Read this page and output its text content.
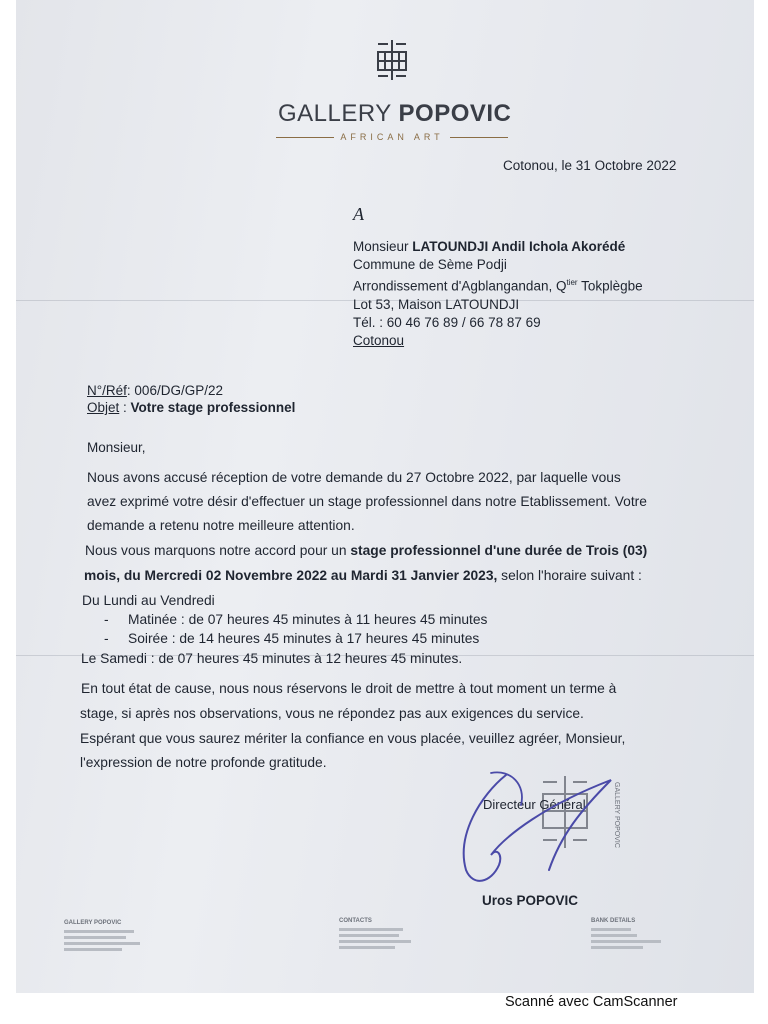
GALLERY POPOVIC
AFRICAN ART
Cotonou, le 31 Octobre 2022
A
Monsieur LATOUNDJI Andil Ichola Akorédé
Commune de Sème Podji
Arrondissement d'Agblangandan, $Q^{tier}$ Tokplègbe
Lot 53, Maison LATOUNDJI
Tél. : 60 46 76 89 / 66 78 87 69
Cotonou
N°/Réf: 006/DG/GP/22
Objet : Votre stage professionnel
Monsieur,
Nous avons accusé réception de votre demande du 27 Octobre 2022, par laquelle vous
avez exprimé votre désir d'effectuer un stage professionnel dans notre Etablissement. Votre
demande a retenu notre meilleure attention.
Nous vous marquons notre accord pour un stage professionnel d'une durée de Trois (03)
mois, du Mercredi 02 Novembre 2022 au Mardi 31 Janvier 2023, selon l'horaire suivant :
Du Lundi au Vendredi
- Matinée : de 07 heures 45 minutes à 11 heures 45 minutes
- Soirée : de 14 heures 45 minutes à 17 heures 45 minutes
Le Samedi : de 07 heures 45 minutes à 12 heures 45 minutes.
En tout état de cause, nous nous réservons le droit de mettre à tout moment un terme à
stage, si après nos observations, vous ne répondez pas aux exigences du service.
Espérant que vous saurez mériter la confiance en vous placée, veuillez agréer, Monsieur,
l'expression de notre profonde gratitude.
GALLERY POPOVIC
Directeur Général
Uros POPOVIC
GALLERY POPOVIC	CONTACTS	BANK DETAILS
Scanné avec CamScanner
